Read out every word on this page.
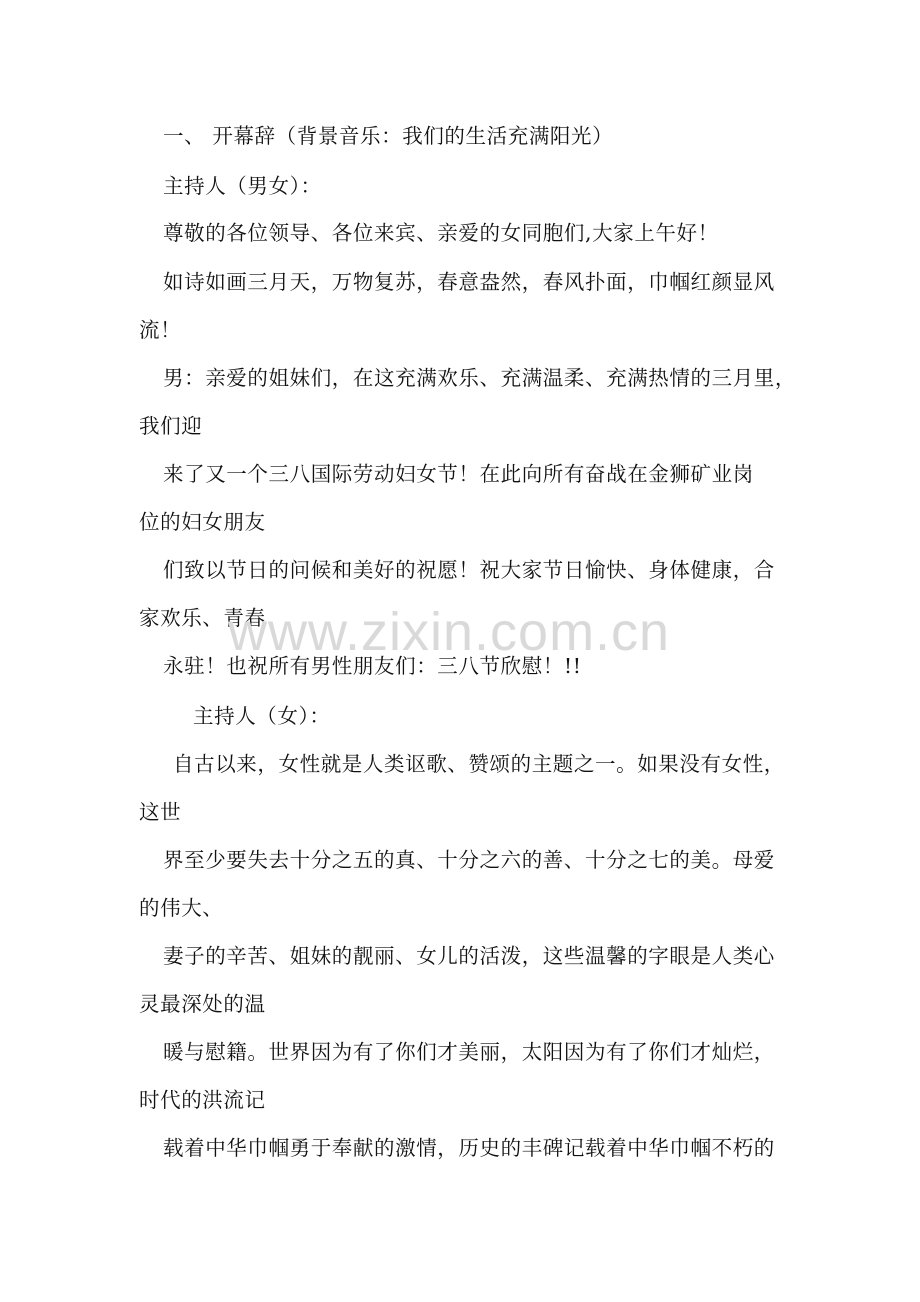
一、 开幕辞（背景音乐：我们的生活充满阳光）
主持人（男女）：
尊敬的各位领导、各位来宾、亲爱的女同胞们,大家上午好！
如诗如画三月天，万物复苏，春意盎然，春风扑面，巾帼红颜显风
流！
男：亲爱的姐妹们，在这充满欢乐、充满温柔、充满热情的三月里，
我们迎
来了又一个三八国际劳动妇女节！在此向所有奋战在金狮矿业岗
位的妇女朋友
们致以节日的问候和美好的祝愿！祝大家节日愉快、身体健康，合
家欢乐、青春
永驻！也祝所有男性朋友们：三八节欣慰！!!
主持人（女）：
自古以来，女性就是人类讴歌、赞颂的主题之一。如果没有女性，
这世
界至少要失去十分之五的真、十分之六的善、十分之七的美。母爱
的伟大、
妻子的辛苦、姐妹的靓丽、女儿的活泼，这些温馨的字眼是人类心
灵最深处的温
暖与慰籍。世界因为有了你们才美丽，太阳因为有了你们才灿烂，
时代的洪流记
载着中华巾帼勇于奉献的激情，历史的丰碑记载着中华巾帼不朽的
www.zixin.com.cn
